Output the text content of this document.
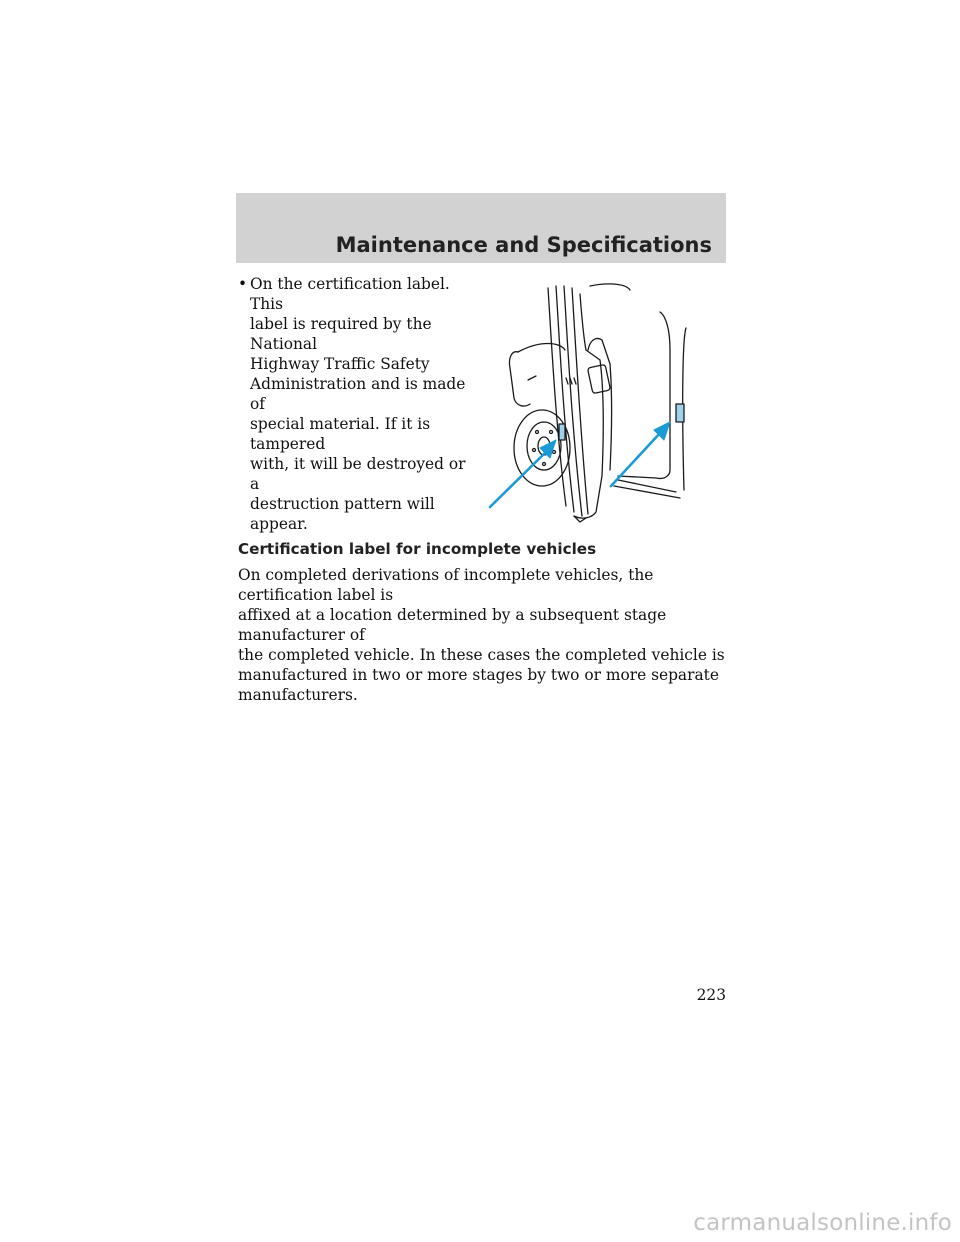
Maintenance and Specifications
• On the certification label. This
label is required by the National
Highway Traffic Safety
Administration and is made of
special material. If it is tampered
with, it will be destroyed or a
destruction pattern will appear.
Certification label for incomplete vehicles

On completed derivations of incomplete vehicles, the certification label is
affixed at a location determined by a subsequent stage manufacturer of
the completed vehicle. In these cases the completed vehicle is
manufactured in two or more stages by two or more separate
manufacturers.

223
carmanualsonline.info
